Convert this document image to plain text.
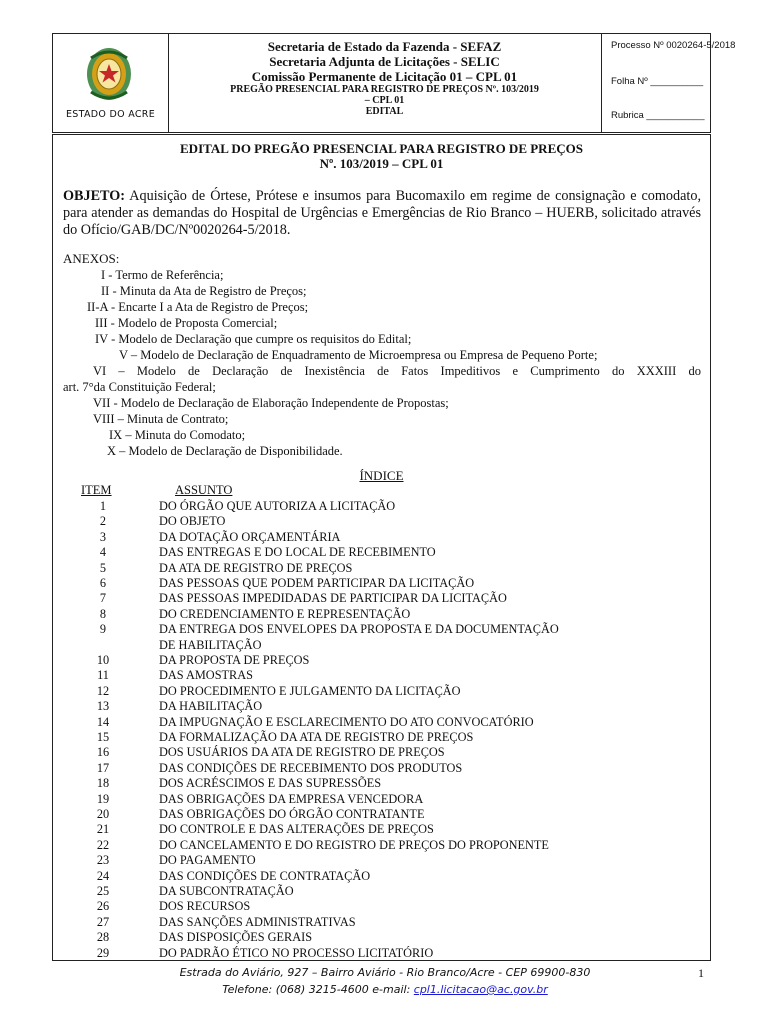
ESTADO DO ACRE
Secretaria de Estado da Fazenda - SEFAZ
Secretaria Adjunta de Licitações - SELIC
Comissão Permanente de Licitação 01 – CPL 01
PREGÃO PRESENCIAL PARA REGISTRO DE PREÇOS Nº. 103/2019
– CPL 01
EDITAL
Processo Nº 0020264-5/2018
Folha Nº __________
Rubrica ___________
EDITAL DO PREGÃO PRESENCIAL PARA REGISTRO DE PREÇOS
Nº. 103/2019 – CPL 01
OBJETO: Aquisição de Órtese, Prótese e insumos para Bucomaxilo em regime de consignação e comodato, para atender as demandas do Hospital de Urgências e Emergências de Rio Branco – HUERB, solicitado através do Ofício/GAB/DC/Nº0020264-5/2018.
ANEXOS:
I - Termo de Referência;
II - Minuta da Ata de Registro de Preços;
II-A - Encarte I a Ata de Registro de Preços;
III - Modelo de Proposta Comercial;
IV - Modelo de Declaração que cumpre os requisitos do Edital;
V – Modelo de Declaração de Enquadramento de Microempresa ou Empresa de Pequeno Porte;
VI – Modelo de Declaração de Inexistência de Fatos Impeditivos e Cumprimento do XXXIII do
art. 7°da Constituição Federal;
VII - Modelo de Declaração de Elaboração Independente de Propostas;
VIII – Minuta de Contrato;
IX – Minuta do Comodato;
X – Modelo de Declaração de Disponibilidade.
ÍNDICE
ITEM	ASSUNTO
1	DO ÓRGÃO QUE AUTORIZA A LICITAÇÃO
2	DO OBJETO
3	DA DOTAÇÃO ORÇAMENTÁRIA
4	DAS ENTREGAS E DO LOCAL DE RECEBIMENTO
5	DA ATA DE REGISTRO DE PREÇOS
6	DAS PESSOAS QUE PODEM PARTICIPAR DA LICITAÇÃO
7	DAS PESSOAS IMPEDIDADAS DE PARTICIPAR DA LICITAÇÃO
8	DO CREDENCIAMENTO E REPRESENTAÇÃO
9	DA ENTREGA DOS ENVELOPES DA PROPOSTA E DA DOCUMENTAÇÃO
DE HABILITAÇÃO
10	DA PROPOSTA DE PREÇOS
11	DAS AMOSTRAS
12	DO PROCEDIMENTO E JULGAMENTO DA LICITAÇÃO
13	DA HABILITAÇÃO
14	DA IMPUGNAÇÃO E ESCLARECIMENTO DO ATO CONVOCATÓRIO
15	DA FORMALIZAÇÃO DA ATA DE REGISTRO DE PREÇOS
16	DOS USUÁRIOS DA ATA DE REGISTRO DE PREÇOS
17	DAS CONDIÇÕES DE RECEBIMENTO DOS PRODUTOS
18	DOS ACRÉSCIMOS E DAS SUPRESSÕES
19	DAS OBRIGAÇÕES DA EMPRESA VENCEDORA
20	DAS OBRIGAÇÕES DO ÓRGÃO CONTRATANTE
21	DO CONTROLE E DAS ALTERAÇÕES DE PREÇOS
22	DO CANCELAMENTO E DO REGISTRO DE PREÇOS DO PROPONENTE
23	DO PAGAMENTO
24	DAS CONDIÇÕES DE CONTRATAÇÃO
25	DA SUBCONTRATAÇÃO
26	DOS RECURSOS
27	DAS SANÇÕES ADMINISTRATIVAS
28	DAS DISPOSIÇÕES GERAIS
29	DO PADRÃO ÉTICO NO PROCESSO LICITATÓRIO
Estrada do Aviário, 927 – Bairro Aviário - Rio Branco/Acre - CEP 69900-830
Telefone: (068) 3215-4600 e-mail: cpl1.licitacao@ac.gov.br
1
